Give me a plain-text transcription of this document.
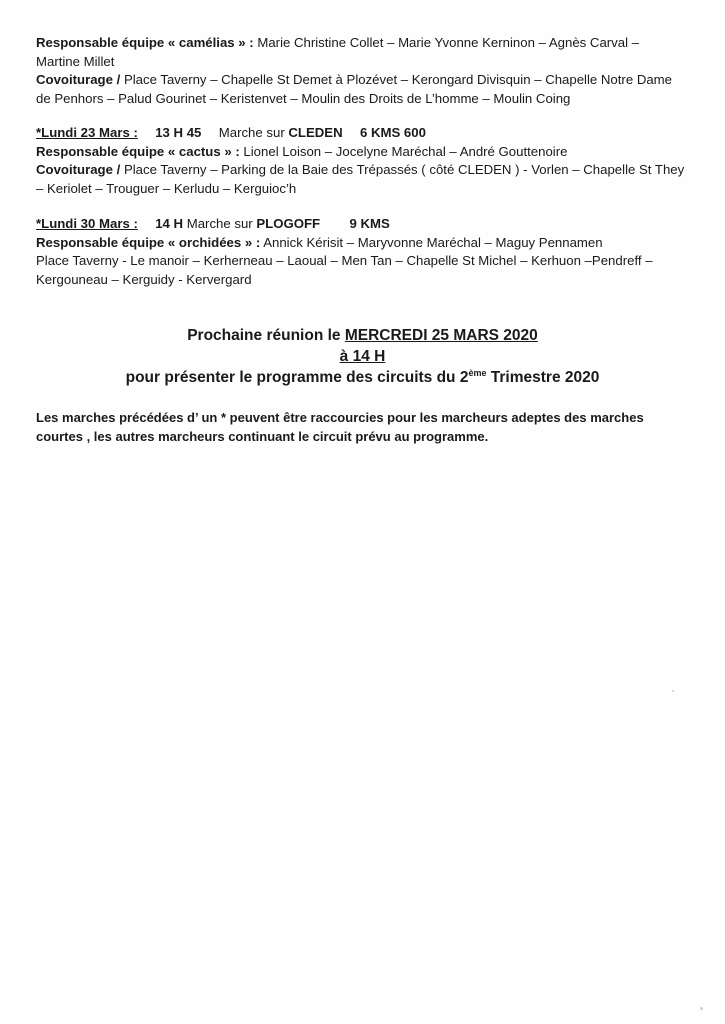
Responsable équipe « camélias » : Marie Christine Collet – Marie Yvonne Kerninon – Agnès Carval –
Martine Millet
Covoiturage / Place Taverny – Chapelle St Demet à Plozévet – Kerongard Divisquin – Chapelle Notre Dame
de Penhors – Palud Gourinet – Keristenvet – Moulin des Droits de L’homme – Moulin Coing
*Lundi 23 Mars : 13 H 45 Marche sur CLEDEN 6 KMS 600
Responsable équipe « cactus » : Lionel Loison – Jocelyne Maréchal – André Gouttenoire
Covoiturage / Place Taverny – Parking de la Baie des Trépassés ( côté CLEDEN ) - Vorlen – Chapelle St They
– Keriolet – Trouguer – Kerludu – Kerguioc’h
*Lundi 30 Mars : 14 H Marche sur PLOGOFF 9 KMS
Responsable équipe « orchidées » : Annick Kérisit – Maryvonne Maréchal – Maguy Pennamen
Place Taverny - Le manoir – Kerherneau – Laoual – Men Tan – Chapelle St Michel – Kerhuon –Pendreff –
Kergouneau – Kerguidy - Kervergard
Prochaine réunion le MERCREDI 25 MARS 2020
à 14 H
pour présenter le programme des circuits du 2ème Trimestre 2020
Les marches précédées d’ un * peuvent être raccourcies pour les marcheurs adeptes des marches
courtes , les autres marcheurs continuant le circuit prévu au programme.
